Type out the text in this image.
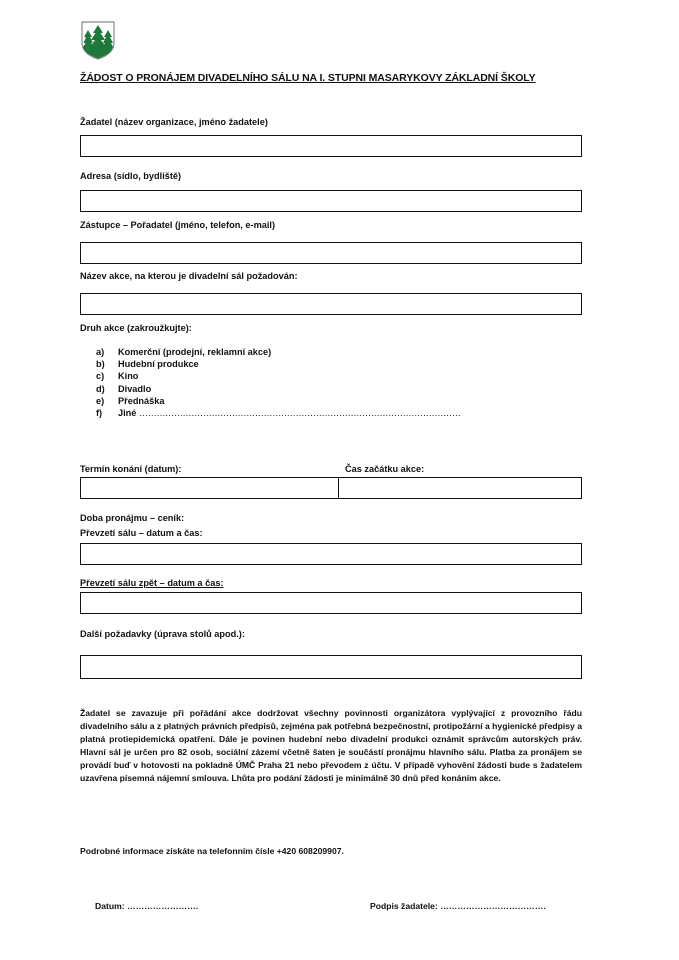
ŽÁDOST O PRONÁJEM DIVADELNÍHO SÁLU NA I. STUPNI MASARYKOVY ZÁKLADNÍ ŠKOLY
Žadatel (název organizace, jméno žadatele)
Adresa (sídlo, bydliště)
Zástupce – Pořadatel (jméno, telefon, e-mail)
Název akce, na kterou je divadelní sál požadován:
Druh akce (zakroužkujte):
a)	Komerční (prodejní, reklamní akce)
b)	Hudební produkce
c)	Kino
d)	Divadlo
e)	Přednáška
f)	Jiné
…………………………………………………………………………………………………
Termín konání (datum):	Čas začátku akce:
Doba pronájmu – ceník:
Převzetí sálu – datum a čas:
Převzetí sálu zpět – datum a čas:
Další požadavky (úprava stolů apod.):
Žadatel se zavazuje při pořádání akce dodržovat všechny povinnosti organizátora vyplývající z provozního řádu divadelního sálu a z platných právních předpisů, zejména pak potřebná bezpečnostní, protipožární a hygienické předpisy a platná protiepidemická opatření. Dále je povinen hudební nebo divadelní produkci oznámit správcům autorských práv. Hlavní sál je určen pro 82 osob, sociální zázemí včetně šaten je součástí pronájmu hlavního sálu. Platba za pronájem se provádí buď v hotovosti na pokladně ÚMČ Praha 21 nebo převodem z účtu. V případě vyhovění žádosti bude s žadatelem uzavřena písemná nájemní smlouva. Lhůta pro podání žádosti je minimálně 30 dnů před konáním akce.
Podrobné informace získáte na telefonním čísle +420 608209907.
Datum: …………………….	Podpis žadatele: ……………………………….
